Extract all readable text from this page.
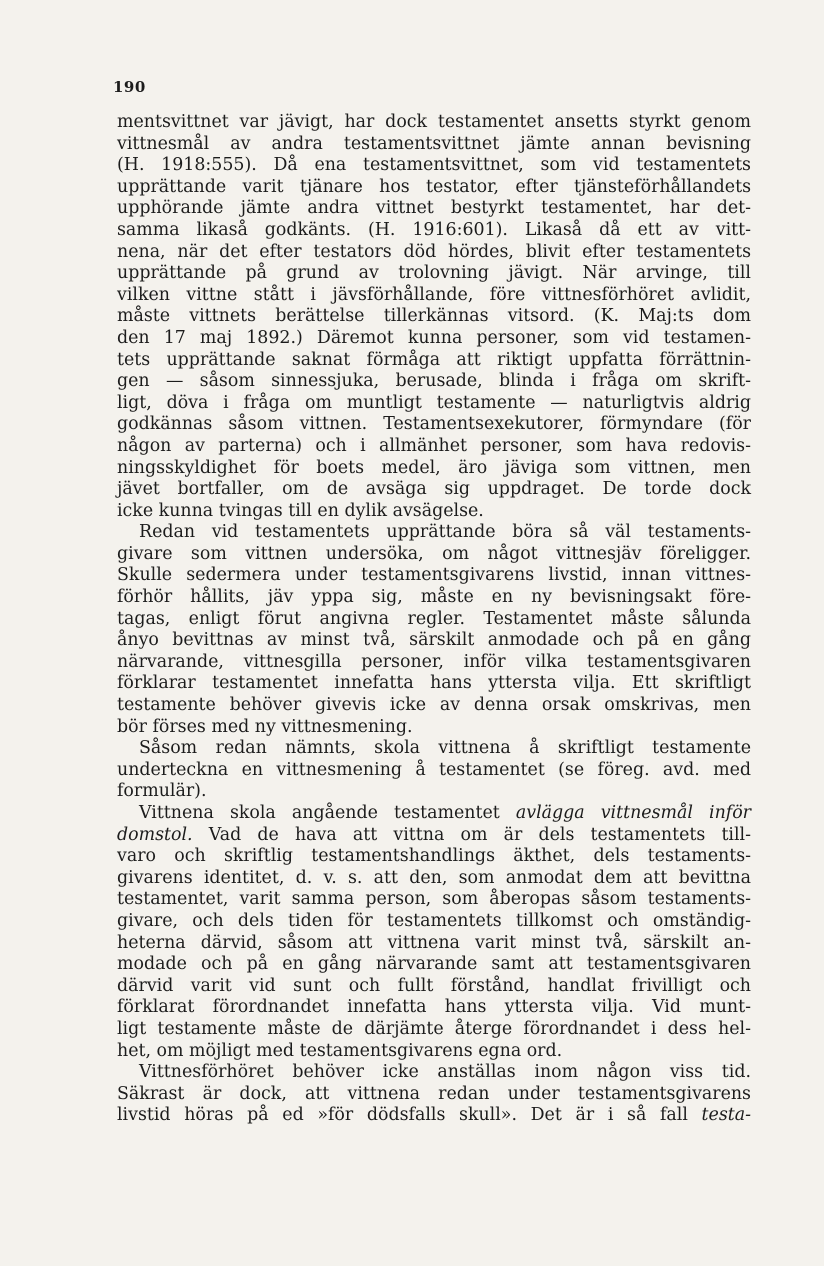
190
mentsvittnet var jävigt, har dock testamentet ansetts styrkt genom
vittnesmål av andra testamentsvittnet jämte annan bevisning
(H. 1918:555). Då ena testamentsvittnet, som vid testamentets
upprättande varit tjänare hos testator, efter tjänsteförhållandets
upphörande jämte andra vittnet bestyrkt testamentet, har det-
samma likaså godkänts. (H. 1916:601). Likaså då ett av vitt-
nena, när det efter testators död hördes, blivit efter testamentets
upprättande på grund av trolovning jävigt. När arvinge, till
vilken vittne stått i jävsförhållande, före vittnesförhöret avlidit,
måste vittnets berättelse tillerkännas vitsord. (K. Maj:ts dom
den 17 maj 1892.) Däremot kunna personer, som vid testamen-
tets upprättande saknat förmåga att riktigt uppfatta förrättnin-
gen — såsom sinnessjuka, berusade, blinda i fråga om skrift-
ligt, döva i fråga om muntligt testamente — naturligtvis aldrig
godkännas såsom vittnen. Testamentsexekutorer, förmyndare (för
någon av parterna) och i allmänhet personer, som hava redovis-
ningsskyldighet för boets medel, äro jäviga som vittnen, men
jävet bortfaller, om de avsäga sig uppdraget. De torde dock
icke kunna tvingas till en dylik avsägelse.
Redan vid testamentets upprättande böra så väl testaments-
givare som vittnen undersöka, om något vittnesjäv föreligger.
Skulle sedermera under testamentsgivarens livstid, innan vittnes-
förhör hållits, jäv yppa sig, måste en ny bevisningsakt före-
tagas, enligt förut angivna regler. Testamentet måste sålunda
ånyo bevittnas av minst två, särskilt anmodade och på en gång
närvarande, vittnesgilla personer, inför vilka testamentsgivaren
förklarar testamentet innefatta hans yttersta vilja. Ett skriftligt
testamente behöver givevis icke av denna orsak omskrivas, men
bör förses med ny vittnesmening.
Såsom redan nämnts, skola vittnena å skriftligt testamente
underteckna en vittnesmening å testamentet (se föreg. avd. med
formulär).
Vittnena skola angående testamentet avlägga vittnesmål inför
domstol. Vad de hava att vittna om är dels testamentets till-
varo och skriftlig testamentshandlings äkthet, dels testaments-
givarens identitet, d. v. s. att den, som anmodat dem att bevittna
testamentet, varit samma person, som åberopas såsom testaments-
givare, och dels tiden för testamentets tillkomst och omständig-
heterna därvid, såsom att vittnena varit minst två, särskilt an-
modade och på en gång närvarande samt att testamentsgivaren
därvid varit vid sunt och fullt förstånd, handlat frivilligt och
förklarat förordnandet innefatta hans yttersta vilja. Vid munt-
ligt testamente måste de därjämte återge förordnandet i dess hel-
het, om möjligt med testamentsgivarens egna ord.
Vittnesförhöret behöver icke anställas inom någon viss tid.
Säkrast är dock, att vittnena redan under testamentsgivarens
livstid höras på ed »för dödsfalls skull». Det är i så fall testa-
